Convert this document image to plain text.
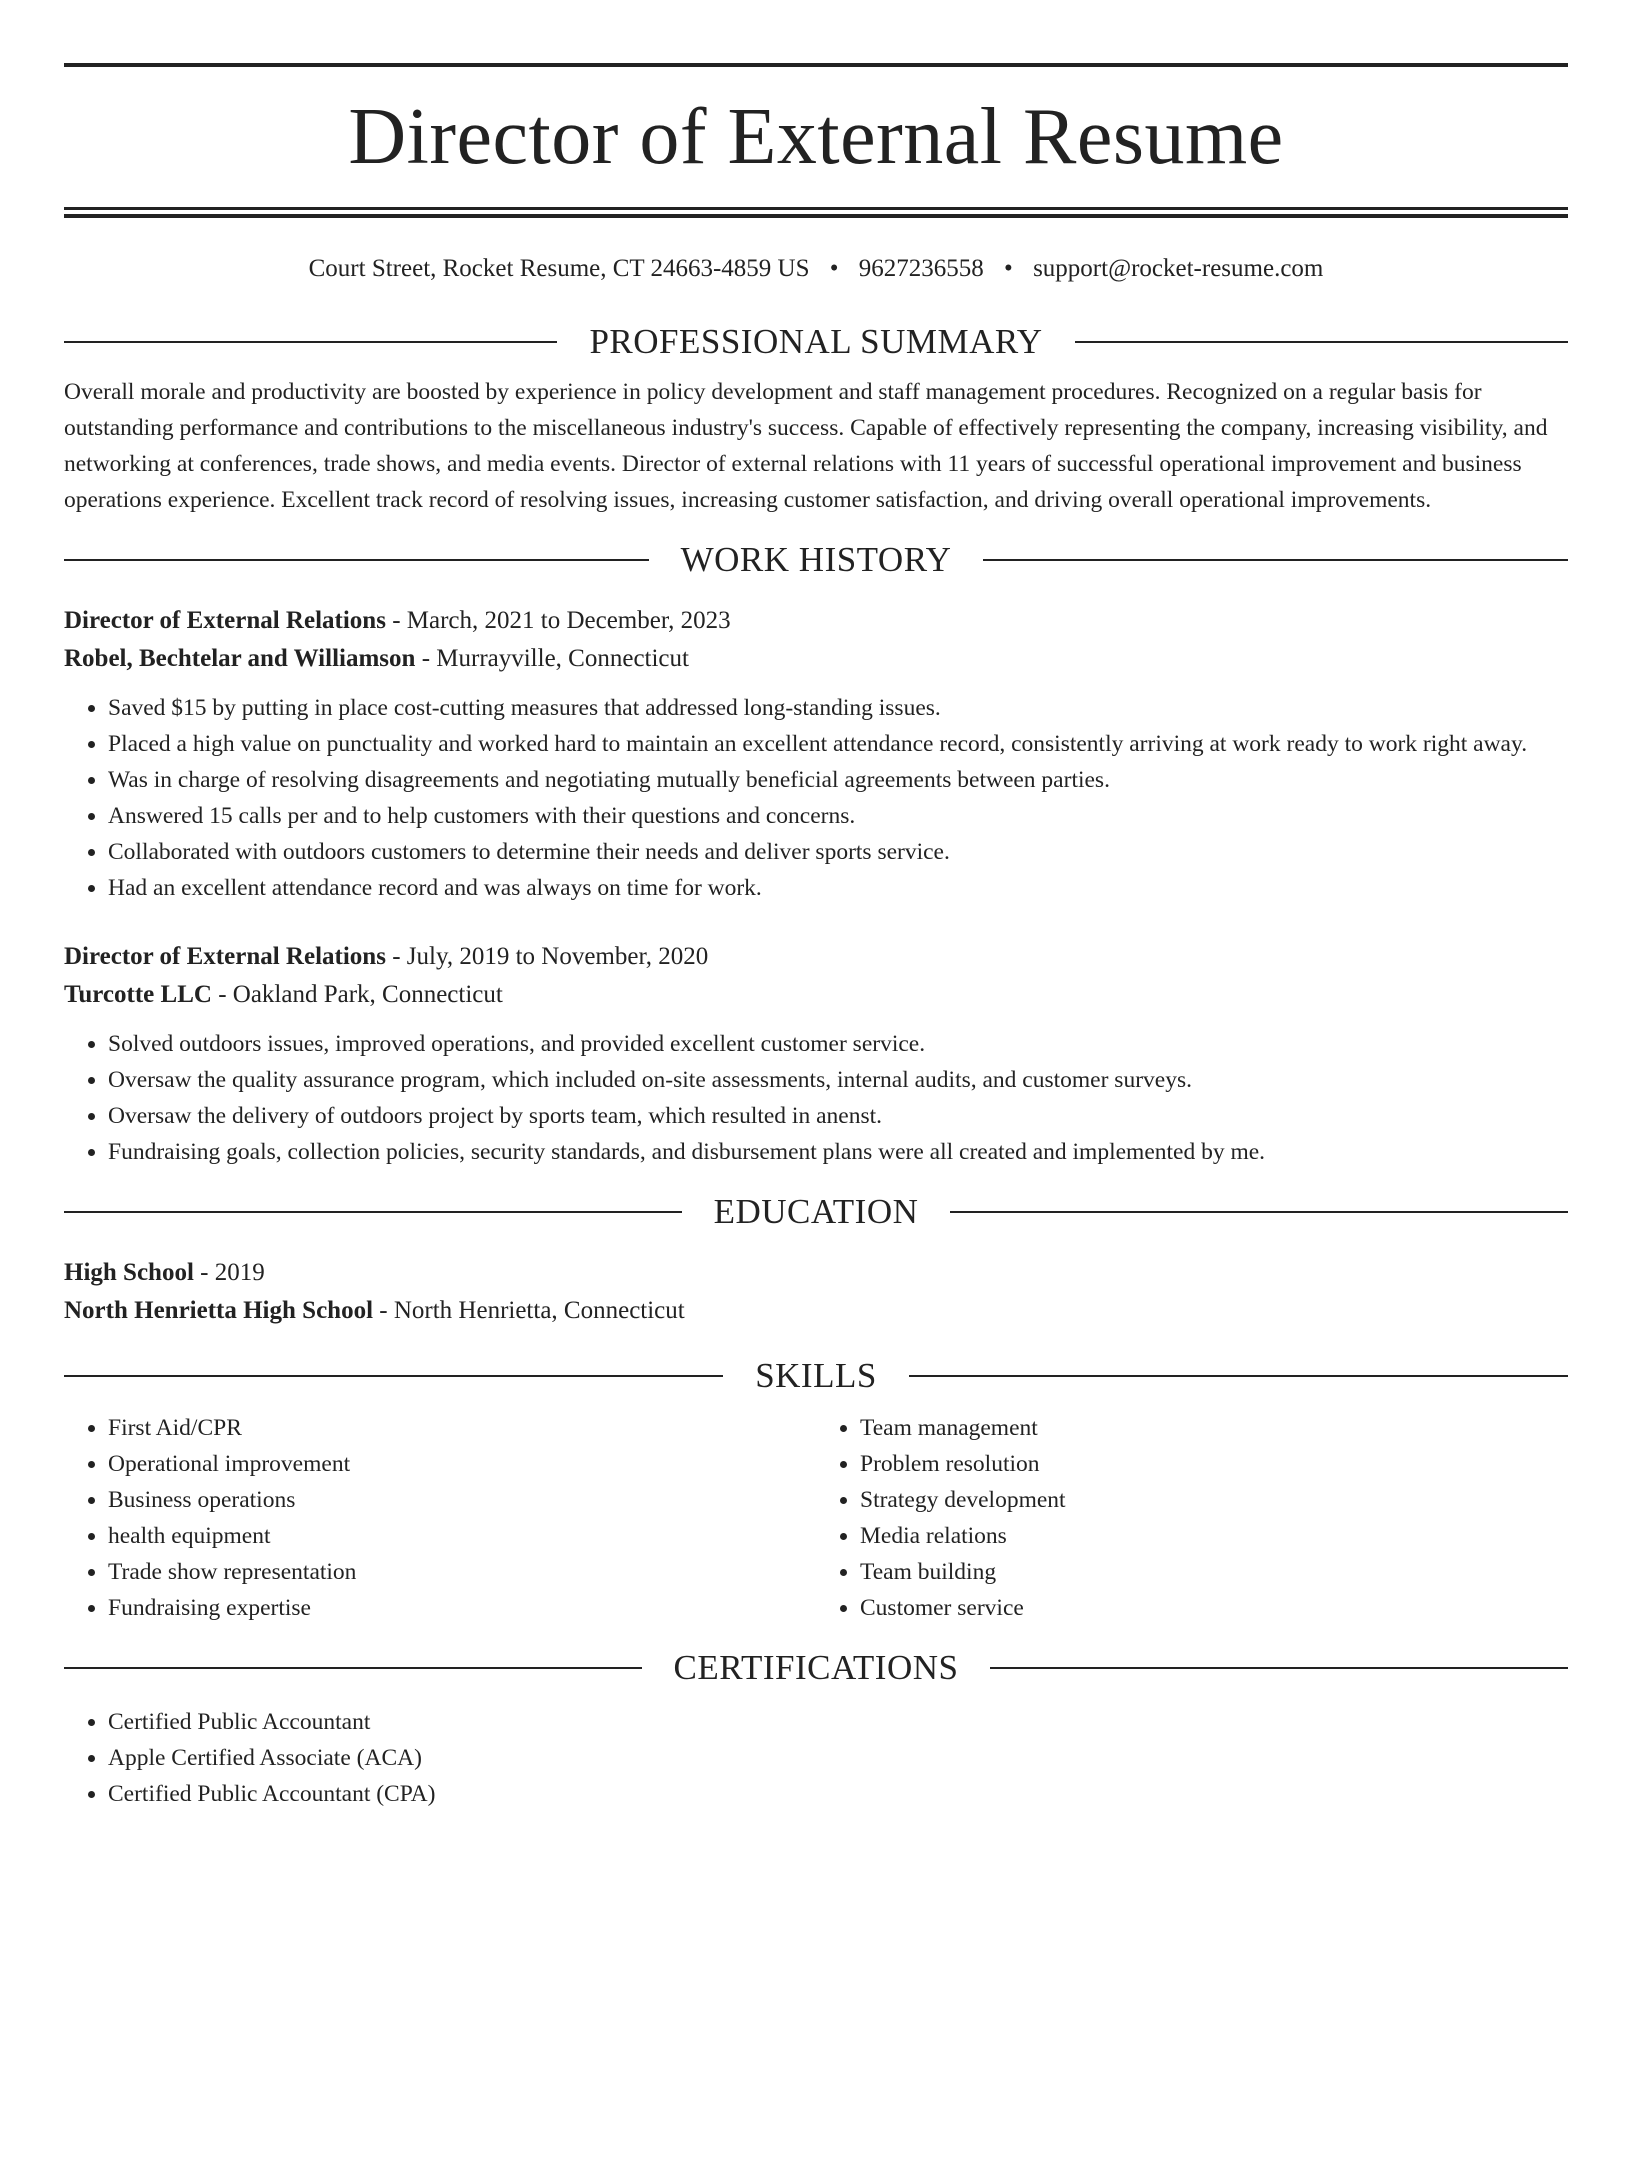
Director of External Resume
Court Street, Rocket Resume, CT 24663-4859 US • 9627236558 • support@rocket-resume.com
PROFESSIONAL SUMMARY

Overall morale and productivity are boosted by experience in policy development and staff management procedures. Recognized on a regular basis for outstanding performance and contributions to the miscellaneous industry's success. Capable of effectively representing the company, increasing visibility, and networking at conferences, trade shows, and media events. Director of external relations with 11 years of successful operational improvement and business operations experience. Excellent track record of resolving issues, increasing customer satisfaction, and driving overall operational improvements.

WORK HISTORY
Director of External Relations - March, 2021 to December, 2023
Robel, Bechtelar and Williamson - Murrayville, Connecticut
• Saved $15 by putting in place cost-cutting measures that addressed long-standing issues.
• Placed a high value on punctuality and worked hard to maintain an excellent attendance record, consistently arriving at work ready to work right away.
• Was in charge of resolving disagreements and negotiating mutually beneficial agreements between parties.
• Answered 15 calls per and to help customers with their questions and concerns.
• Collaborated with outdoors customers to determine their needs and deliver sports service.
• Had an excellent attendance record and was always on time for work.
Director of External Relations - July, 2019 to November, 2020
Turcotte LLC - Oakland Park, Connecticut
• Solved outdoors issues, improved operations, and provided excellent customer service.
• Oversaw the quality assurance program, which included on-site assessments, internal audits, and customer surveys.
• Oversaw the delivery of outdoors project by sports team, which resulted in anenst.
• Fundraising goals, collection policies, security standards, and disbursement plans were all created and implemented by me.
EDUCATION
High School - 2019
North Henrietta High School - North Henrietta, Connecticut
SKILLS
• First Aid/CPR
• Operational improvement
• Business operations
• health equipment
• Trade show representation
• Fundraising expertise
• Team management
• Problem resolution
• Strategy development
• Media relations
• Team building
• Customer service
CERTIFICATIONS
• Certified Public Accountant
• Apple Certified Associate (ACA)
• Certified Public Accountant (CPA)
